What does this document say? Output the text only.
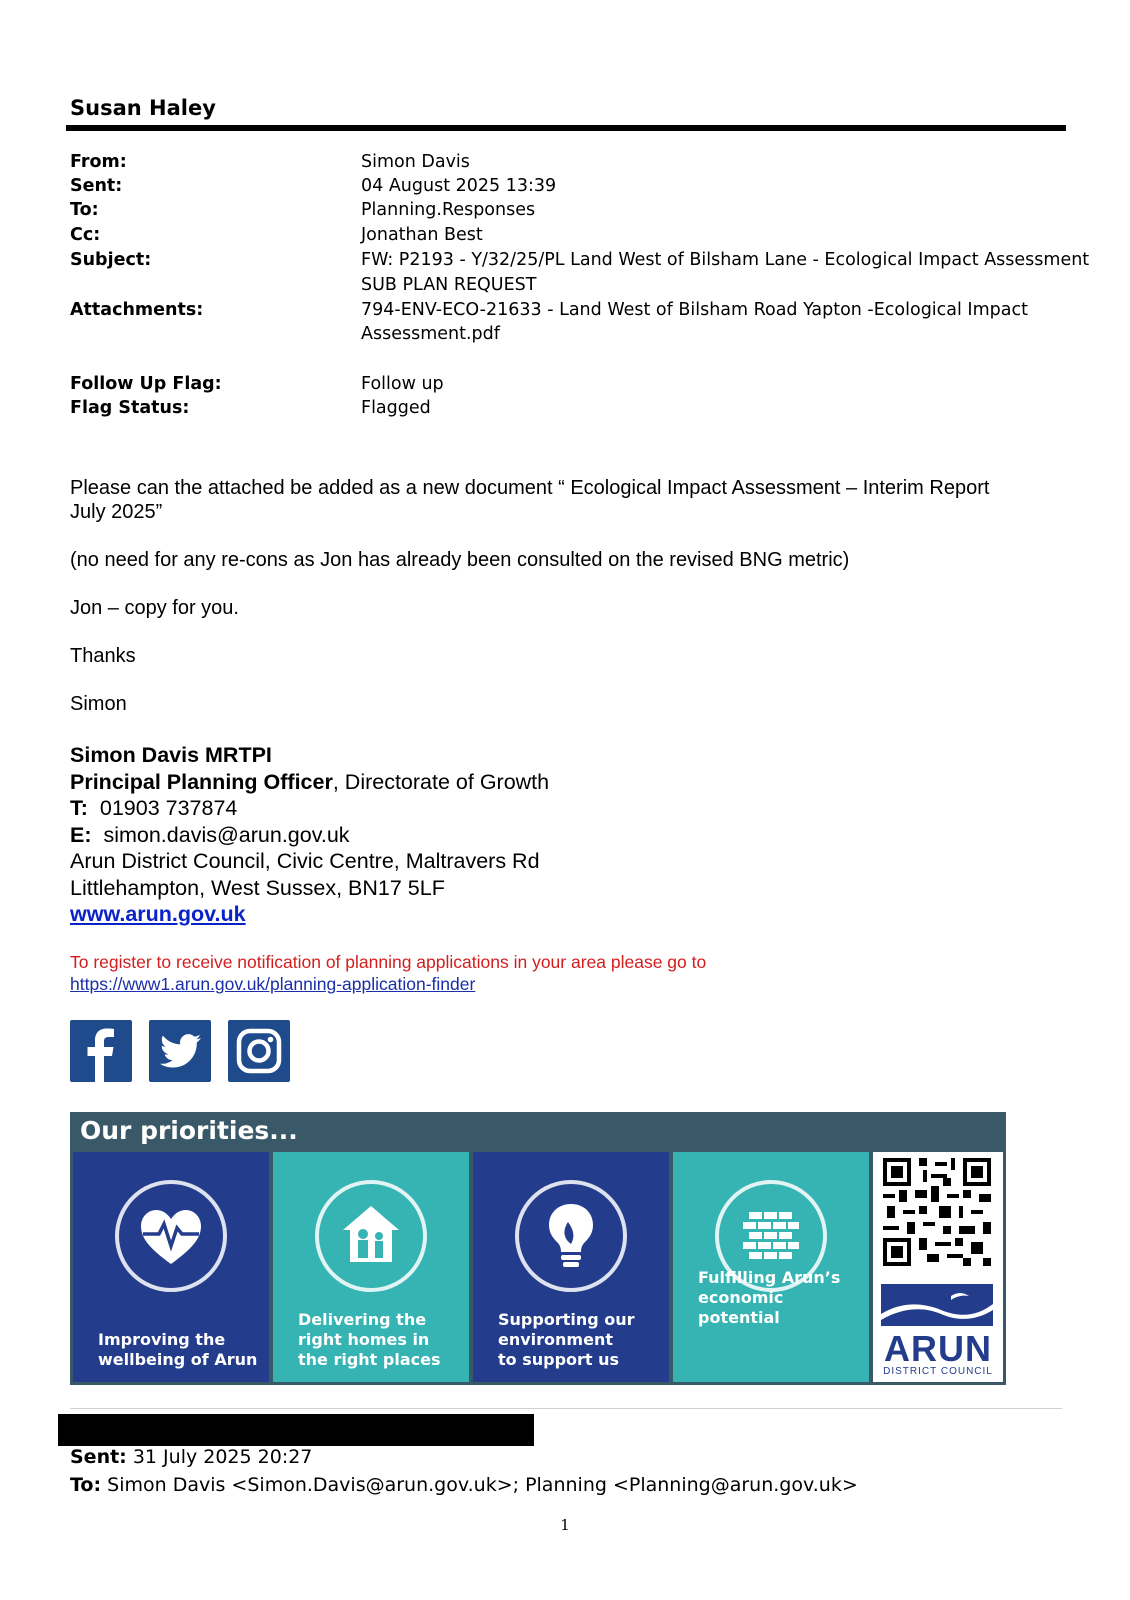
Susan Haley
From:	Simon Davis
Sent:	04 August 2025 13:39
To:	Planning.Responses
Cc:	Jonathan Best
Subject:	FW: P2193 - Y/32/25/PL Land West of Bilsham Lane - Ecological Impact Assessment
SUB PLAN REQUEST
Attachments:	794-ENV-ECO-21633 - Land West of Bilsham Road Yapton -Ecological Impact
Assessment.pdf
Follow Up Flag:	Follow up
Flag Status:	Flagged
Please can the attached be added as a new document “ Ecological Impact Assessment – Interim Report
July 2025”
(no need for any re-cons as Jon has already been consulted on the revised BNG metric)
Jon – copy for you.
Thanks
Simon
Simon Davis MRTPI
Principal Planning Officer, Directorate of Growth
T: 01903 737874
E: simon.davis@arun.gov.uk
Arun District Council, Civic Centre, Maltravers Rd
Littlehampton, West Sussex, BN17 5LF
www.arun.gov.uk
To register to receive notification of planning applications in your area please go to
https://www1.arun.gov.uk/planning-application-finder
Our priorities...
Improving the
wellbeing of Arun
Delivering the
right homes in
the right places
Supporting our
environment
to support us
Fulfilling Arun’s
economic potential
ARUN
DISTRICT COUNCIL
Sent: 31 July 2025 20:27
To: Simon Davis <Simon.Davis@arun.gov.uk>; Planning <Planning@arun.gov.uk>
1
